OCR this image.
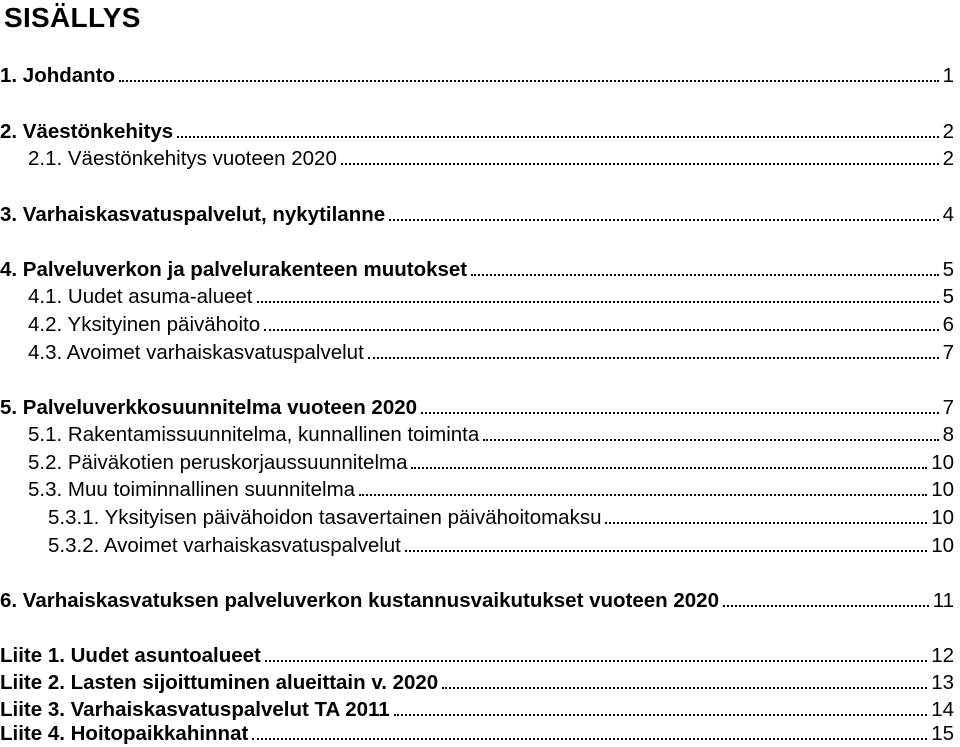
SISÄLLYS
1. Johdanto	1
2. Väestönkehitys	2
2.1. Väestönkehitys vuoteen 2020	2
3. Varhaiskasvatuspalvelut, nykytilanne	4
4. Palveluverkon ja palvelurakenteen muutokset	5
4.1. Uudet asuma-alueet	5
4.2. Yksityinen päivähoito	6
4.3. Avoimet varhaiskasvatuspalvelut	7
5. Palveluverkkosuunnitelma vuoteen 2020	7
5.1. Rakentamissuunnitelma, kunnallinen toiminta	8
5.2. Päiväkotien peruskorjaussuunnitelma	10
5.3. Muu toiminnallinen suunnitelma	10
5.3.1. Yksityisen päivähoidon tasavertainen päivähoitomaksu	10
5.3.2. Avoimet varhaiskasvatuspalvelut	10
6. Varhaiskasvatuksen palveluverkon kustannusvaikutukset vuoteen 2020	11
Liite 1. Uudet asuntoalueet	12
Liite 2. Lasten sijoittuminen alueittain v. 2020	13
Liite 3. Varhaiskasvatuspalvelut TA 2011	14
Liite 4. Hoitopaikkahinnat	15
